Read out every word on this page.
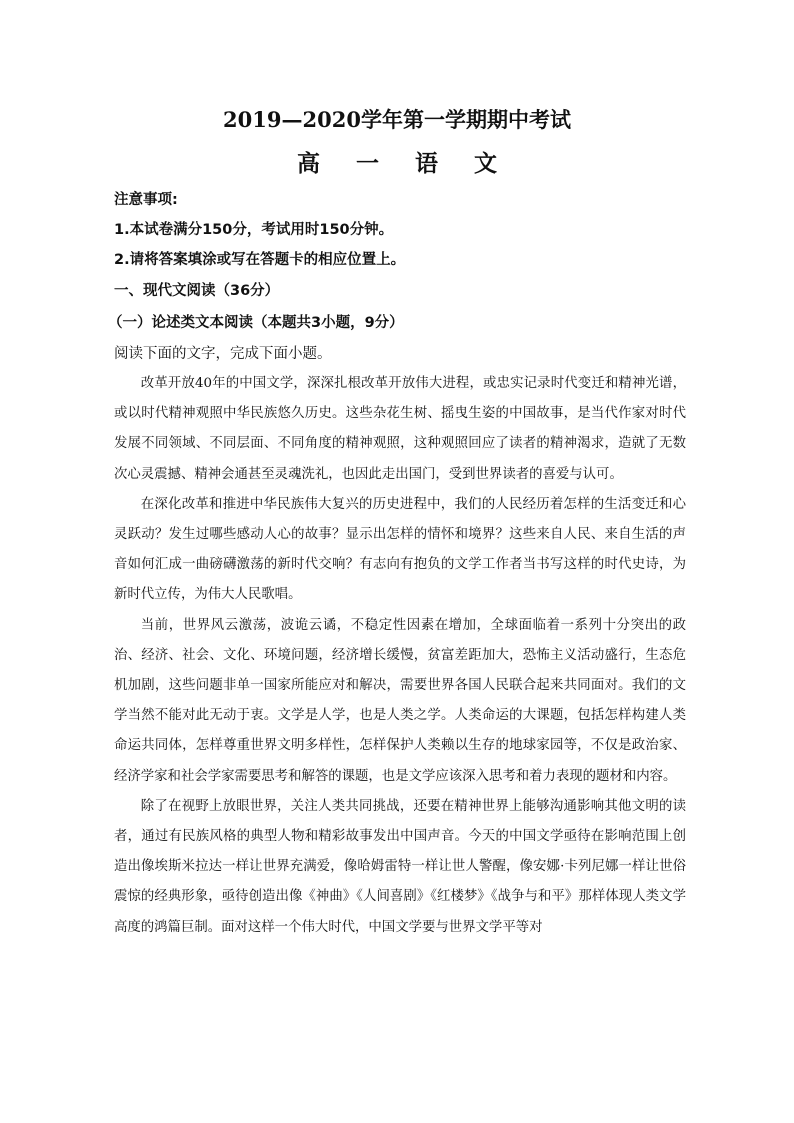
2019—2020学年第一学期期中考试
高 一 语 文
注意事项:
1.本试卷满分150分，考试用时150分钟。
2.请将答案填涂或写在答题卡的相应位置上。
一、现代文阅读（36分）
（一）论述类文本阅读（本题共3小题，9分）
阅读下面的文字，完成下面小题。

改革开放40年的中国文学，深深扎根改革开放伟大进程，或忠实记录时代变迁和精神光谱，或以时代精神观照中华民族悠久历史。这些杂花生树、摇曳生姿的中国故事，是当代作家对时代发展不同领域、不同层面、不同角度的精神观照，这种观照回应了读者的精神渴求，造就了无数次心灵震撼、精神会通甚至灵魂洗礼，也因此走出国门，受到世界读者的喜爱与认可。

在深化改革和推进中华民族伟大复兴的历史进程中，我们的人民经历着怎样的生活变迁和心灵跃动？发生过哪些感动人心的故事？显示出怎样的情怀和境界？这些来自人民、来自生活的声音如何汇成一曲磅礴激荡的新时代交响？有志向有抱负的文学工作者当书写这样的时代史诗，为新时代立传，为伟大人民歌唱。

当前，世界风云激荡，波诡云谲，不稳定性因素在增加，全球面临着一系列十分突出的政治、经济、社会、文化、环境问题，经济增长缓慢，贫富差距加大，恐怖主义活动盛行，生态危机加剧，这些问题非单一国家所能应对和解决，需要世界各国人民联合起来共同面对。我们的文学当然不能对此无动于衷。文学是人学，也是人类之学。人类命运的大课题，包括怎样构建人类命运共同体，怎样尊重世界文明多样性，怎样保护人类赖以生存的地球家园等，不仅是政治家、经济学家和社会学家需要思考和解答的课题，也是文学应该深入思考和着力表现的题材和内容。

除了在视野上放眼世界，关注人类共同挑战，还要在精神世界上能够沟通影响其他文明的读者，通过有民族风格的典型人物和精彩故事发出中国声音。今天的中国文学亟待在影响范围上创造出像埃斯米拉达一样让世界充满爱，像哈姆雷特一样让世人警醒，像安娜·卡列尼娜一样让世俗震惊的经典形象，亟待创造出像《神曲》《人间喜剧》《红楼梦》《战争与和平》那样体现人类文学高度的鸿篇巨制。面对这样一个伟大时代，中国文学要与世界文学平等对
